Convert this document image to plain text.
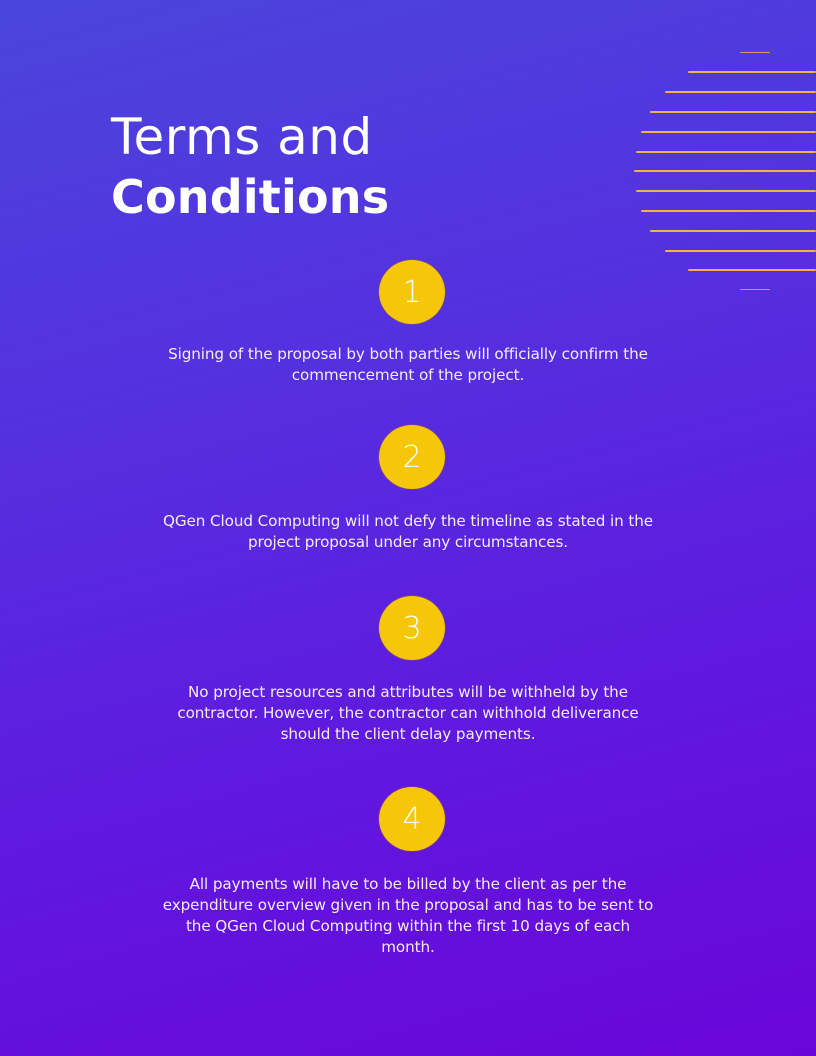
Terms and
Conditions
1

Signing of the proposal by both parties will officially confirm the commencement of the project.

2

QGen Cloud Computing will not defy the timeline as stated in the project proposal under any circumstances.

3

No project resources and attributes will be withheld by the contractor. However, the contractor can withhold deliverance should the client delay payments.

4

All payments will have to be billed by the client as per the expenditure overview given in the proposal and has to be sent to the QGen Cloud Computing within the first 10 days of each month.
